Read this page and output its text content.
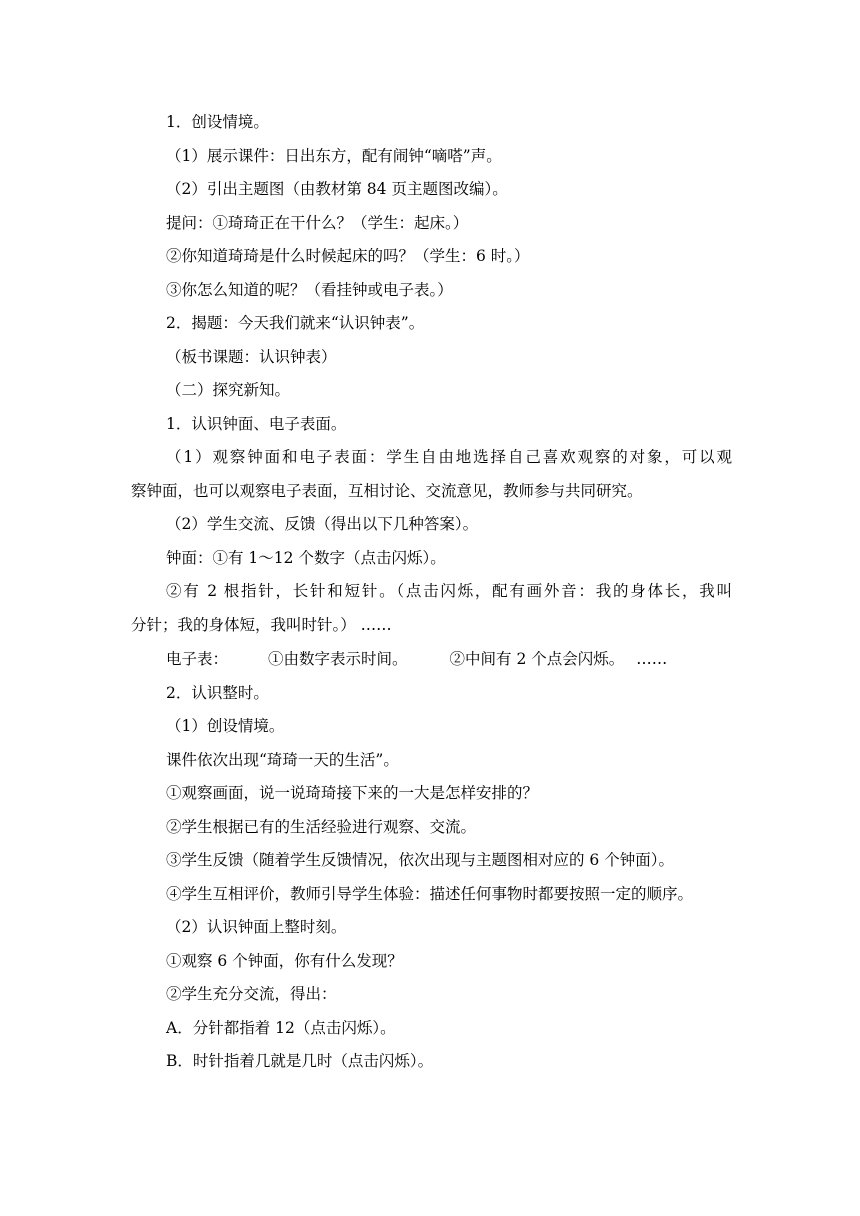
1．创设情境。
（1）展示课件：日出东方，配有闹钟“嘀嗒”声。
（2）引出主题图（由教材第 84 页主题图改编）。
提问：①琦琦正在干什么？（学生：起床。）
②你知道琦琦是什么时候起床的吗？（学生：6 时。）
③你怎么知道的呢？（看挂钟或电子表。）
2．揭题：今天我们就来“认识钟表”。
（板书课题：认识钟表）
（二）探究新知。
1．认识钟面、电子表面。
（1）观察钟面和电子表面：学生自由地选择自己喜欢观察的对象，可以观
察钟面，也可以观察电子表面，互相讨论、交流意见，教师参与共同研究。
（2）学生交流、反馈（得出以下几种答案）。
钟面：①有 1～12 个数字（点击闪烁）。
②有 2 根指针，长针和短针。（点击闪烁，配有画外音：我的身体长，我叫
分针；我的身体短，我叫时针。） ……
电子表：	①由数字表示时间。	②中间有 2 个点会闪烁。 ……
2．认识整时。
（1）创设情境。
课件依次出现“琦琦一天的生活”。
①观察画面，说一说琦琦接下来的一大是怎样安排的？
②学生根据已有的生活经验进行观察、交流。
③学生反馈（随着学生反馈情况，依次出现与主题图相对应的 6 个钟面）。
④学生互相评价，教师引导学生体验：描述任何事物时都要按照一定的顺序。
（2）认识钟面上整时刻。
①观察 6 个钟面，你有什么发现？
②学生充分交流，得出：
A．分针都指着 12（点击闪烁）。
B．时针指着几就是几时（点击闪烁）。
